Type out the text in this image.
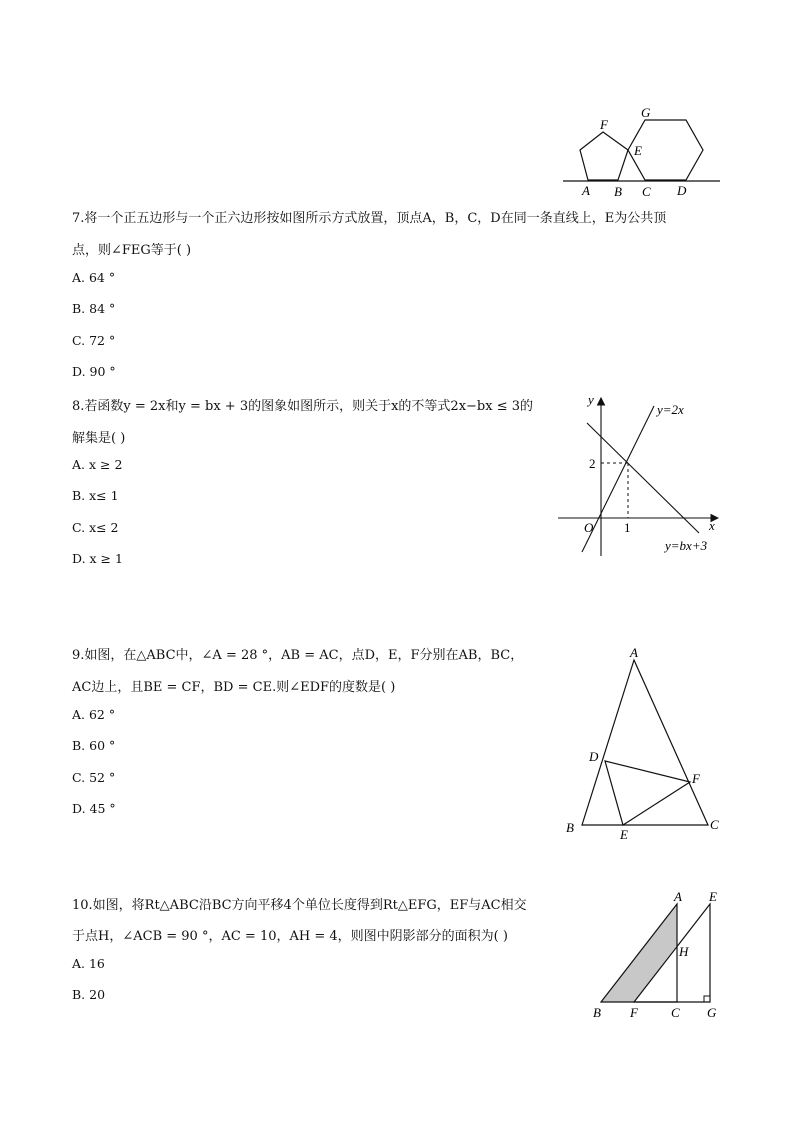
F
G
E
A B C D
7.将一个正五边形与一个正六边形按如图所示方式放置，顶点A，B，C，D在同一条直线上，E为公共顶
点，则∠FEG等于( )
A. 64 °
B. 84 °
C. 72 °
D. 90 °
8.若函数y = 2x和y = bx + 3的图象如图所示，则关于x的不等式2x−bx ≤ 3的
解集是( )
A. x ≥ 2
B. x≤ 1
C. x≤ 2
D. x ≥ 1
y
x
O
2
1
y=2x
y=bx+3
9.如图，在△ABC中，∠A = 28 °，AB = AC，点D，E，F分别在AB，BC，
AC边上，且BE = CF，BD = CE.则∠EDF的度数是( )
A. 62 °
B. 60 °
C. 52 °
D. 45 °
A
B	C
D
E
F
10.如图，将Rt△ABC沿BC方向平移4个单位长度得到Rt△EFG，EF与AC相交
于点H，∠ACB = 90 °，AC = 10，AH = 4，则图中阴影部分的面积为( )
A. 16
B. 20
A E
H
B F	C G
